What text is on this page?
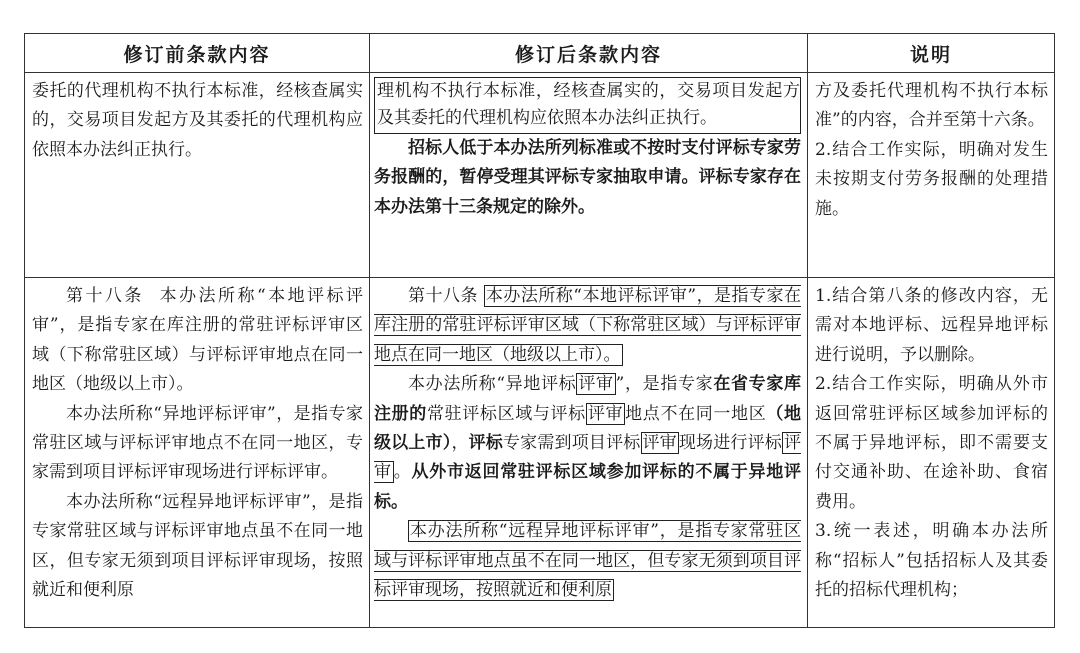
修订前条款内容	修订后条款内容	说明

委托的代理机构不执行本标准，经核查属实的，交易项目发起方及其委托的代理机构应依照本办法纠正执行。

理机构不执行本标准，经核查属实的，交易项目发起方及其委托的代理机构应依照本办法纠正执行。

招标人低于本办法所列标准或不按时支付评标专家劳务报酬的，暂停受理其评标专家抽取申请。评标专家存在本办法第十三条规定的除外。

方及委托代理机构不执行本标准”的内容，合并至第十六条。

2.结合工作实际，明确对发生未按期支付劳务报酬的处理措施。

第十八条  本办法所称“本地评标评审”，是指专家在库注册的常驻评标评审区域（下称常驻区域）与评标评审地点在同一地区（地级以上市）。

本办法所称“异地评标评审”，是指专家常驻区域与评标评审地点不在同一地区，专家需到项目评标评审现场进行评标评审。

本办法所称“远程异地评标评审”，是指专家常驻区域与评标评审地点虽不在同一地区，但专家无须到项目评标评审现场，按照就近和便利原

第十八条 本办法所称“本地评标评审”，是指专家在库注册的常驻评标评审区域（下称常驻区域）与评标评审地点在同一地区（地级以上市）。

本办法所称“异地评标 评审 ”，是指专家在省专家库注册的常驻评标区域与评标 评审 地点不在同一地区（地级以上市），评标专家需到项目评标 评审 现场进行评标 评审 。从外市返回常驻评标区域参加评标的不属于异地评标。

本办法所称“远程异地评标评审”，是指专家常驻区域与评标评审地点虽不在同一地区，但专家无须到项目评标评审现场，按照就近和便利原

1.结合第八条的修改内容，无需对本地评标、远程异地评标进行说明，予以删除。

2.结合工作实际，明确从外市返回常驻评标区域参加评标的不属于异地评标，即不需要支付交通补助、在途补助、食宿费用。

3.统一表述，明确本办法所称“招标人”包括招标人及其委托的招标代理机构；
